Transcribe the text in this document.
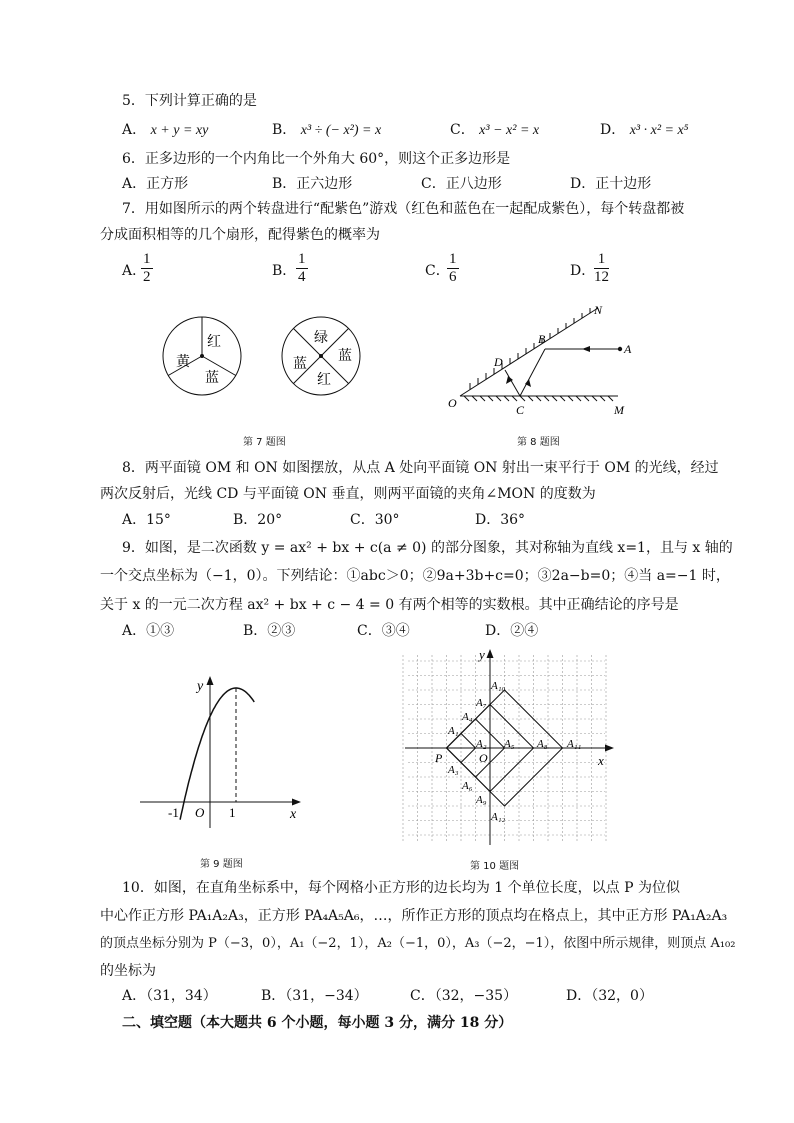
5．下列计算正确的是
A． x + y = xy	B． x³ ÷ (− x²) = x	C． x³ − x² = x	D． x³ · x² = x⁵
6．正多边形的一个内角比一个外角大 60°，则这个正多边形是
A．正方形	B．正六边形	C．正八边形	D．正十边形
7．用如图所示的两个转盘进行“配紫色”游戏（红色和蓝色在一起配成紫色），每个转盘都被
分成面积相等的几个扇形，配得紫色的概率为
A．
$\frac{1}{2}$	B． $\frac{1}{4}$	C．
$\frac{1}{6}$	D．
$\frac{1}{12}$
红
蓝
黄
绿
蓝
红
蓝
第 7 题图
N
B
A
D
O	C	M
第 8 题图
8．两平面镜 OM 和 ON 如图摆放，从点 A 处向平面镜 ON 射出一束平行于 OM 的光线，经过
两次反射后，光线 CD 与平面镜 ON 垂直，则两平面镜的夹角∠MON 的度数为
A．15°	B．20°	C．30°	D．36°
9．如图，是二次函数 y = ax² + bx + c(a ≠ 0) 的部分图象，其对称轴为直线 x=1，且与 x 轴的
一个交点坐标为（−1，0）。下列结论：①abc＞0；②9a+3b+c=0；③2a−b=0；④当 a=−1 时，
关于 x 的一元二次方程 ax² + bx + c − 4 = 0 有两个相等的实数根。其中正确结论的序号是
A．①③	B．②③	C．③④	D．②④
y
x
O
-1	1
第 9 题图
y
x
O
P
A₁
A₂
A₃
A₄
A₅
A₆
A₇
A₈
A₉
A₁₀
A₁₁
A₁₂
第 10 题图
10．如图，在直角坐标系中，每个网格小正方形的边长均为 1 个单位长度，以点 P 为位似
中心作正方形 PA₁A₂A₃，正方形 PA₄A₅A₆，…，所作正方形的顶点均在格点上，其中正方形 PA₁A₂A₃
的顶点坐标分别为 P（−3，0），A₁（−2，1），A₂（−1，0），A₃（−2，−1），依图中所示规律，则顶点 A₁₀₂
的坐标为
A．（31，34）	B．（31，−34）	C．（32，−35）	D．（32，0）
二、填空题（本大题共 6 个小题，每小题 3 分，满分 18 分）
